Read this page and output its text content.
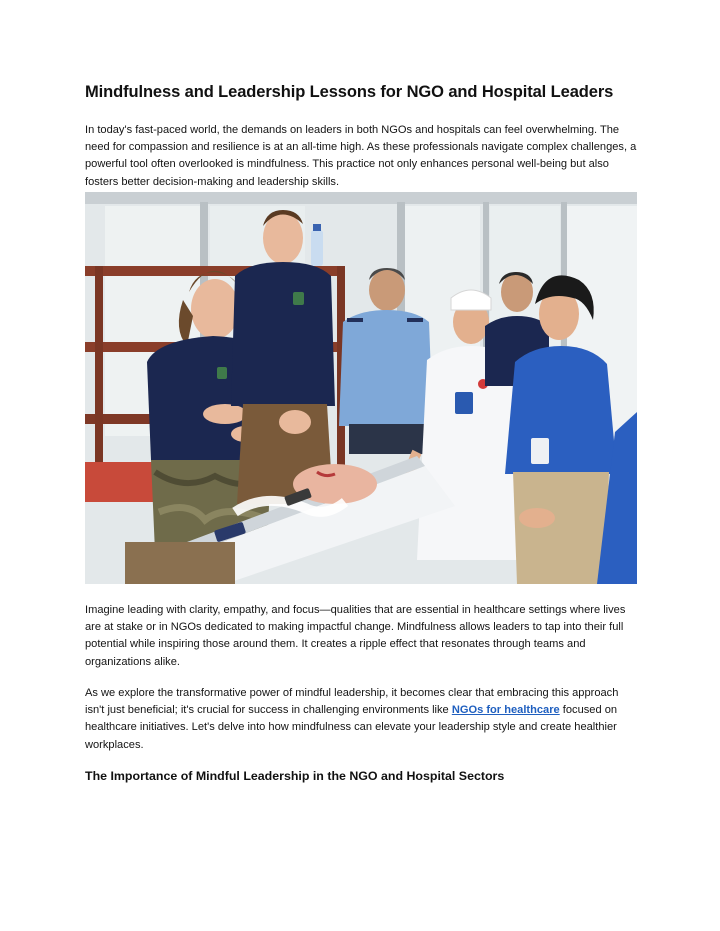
Mindfulness and Leadership Lessons for NGO and Hospital Leaders

In today's fast-paced world, the demands on leaders in both NGOs and hospitals can feel overwhelming. The need for compassion and resilience is at an all-time high. As these professionals navigate complex challenges, a powerful tool often overlooked is mindfulness. This practice not only enhances personal well-being but also fosters better decision-making and leadership skills.

Imagine leading with clarity, empathy, and focus—qualities that are essential in healthcare settings where lives are at stake or in NGOs dedicated to making impactful change. Mindfulness allows leaders to tap into their full potential while inspiring those around them. It creates a ripple effect that resonates through teams and organizations alike.

As we explore the transformative power of mindful leadership, it becomes clear that embracing this approach isn't just beneficial; it's crucial for success in challenging environments like NGOs for healthcare focused on healthcare initiatives. Let's delve into how mindfulness can elevate your leadership style and create healthier workplaces.

The Importance of Mindful Leadership in the NGO and Hospital Sectors
